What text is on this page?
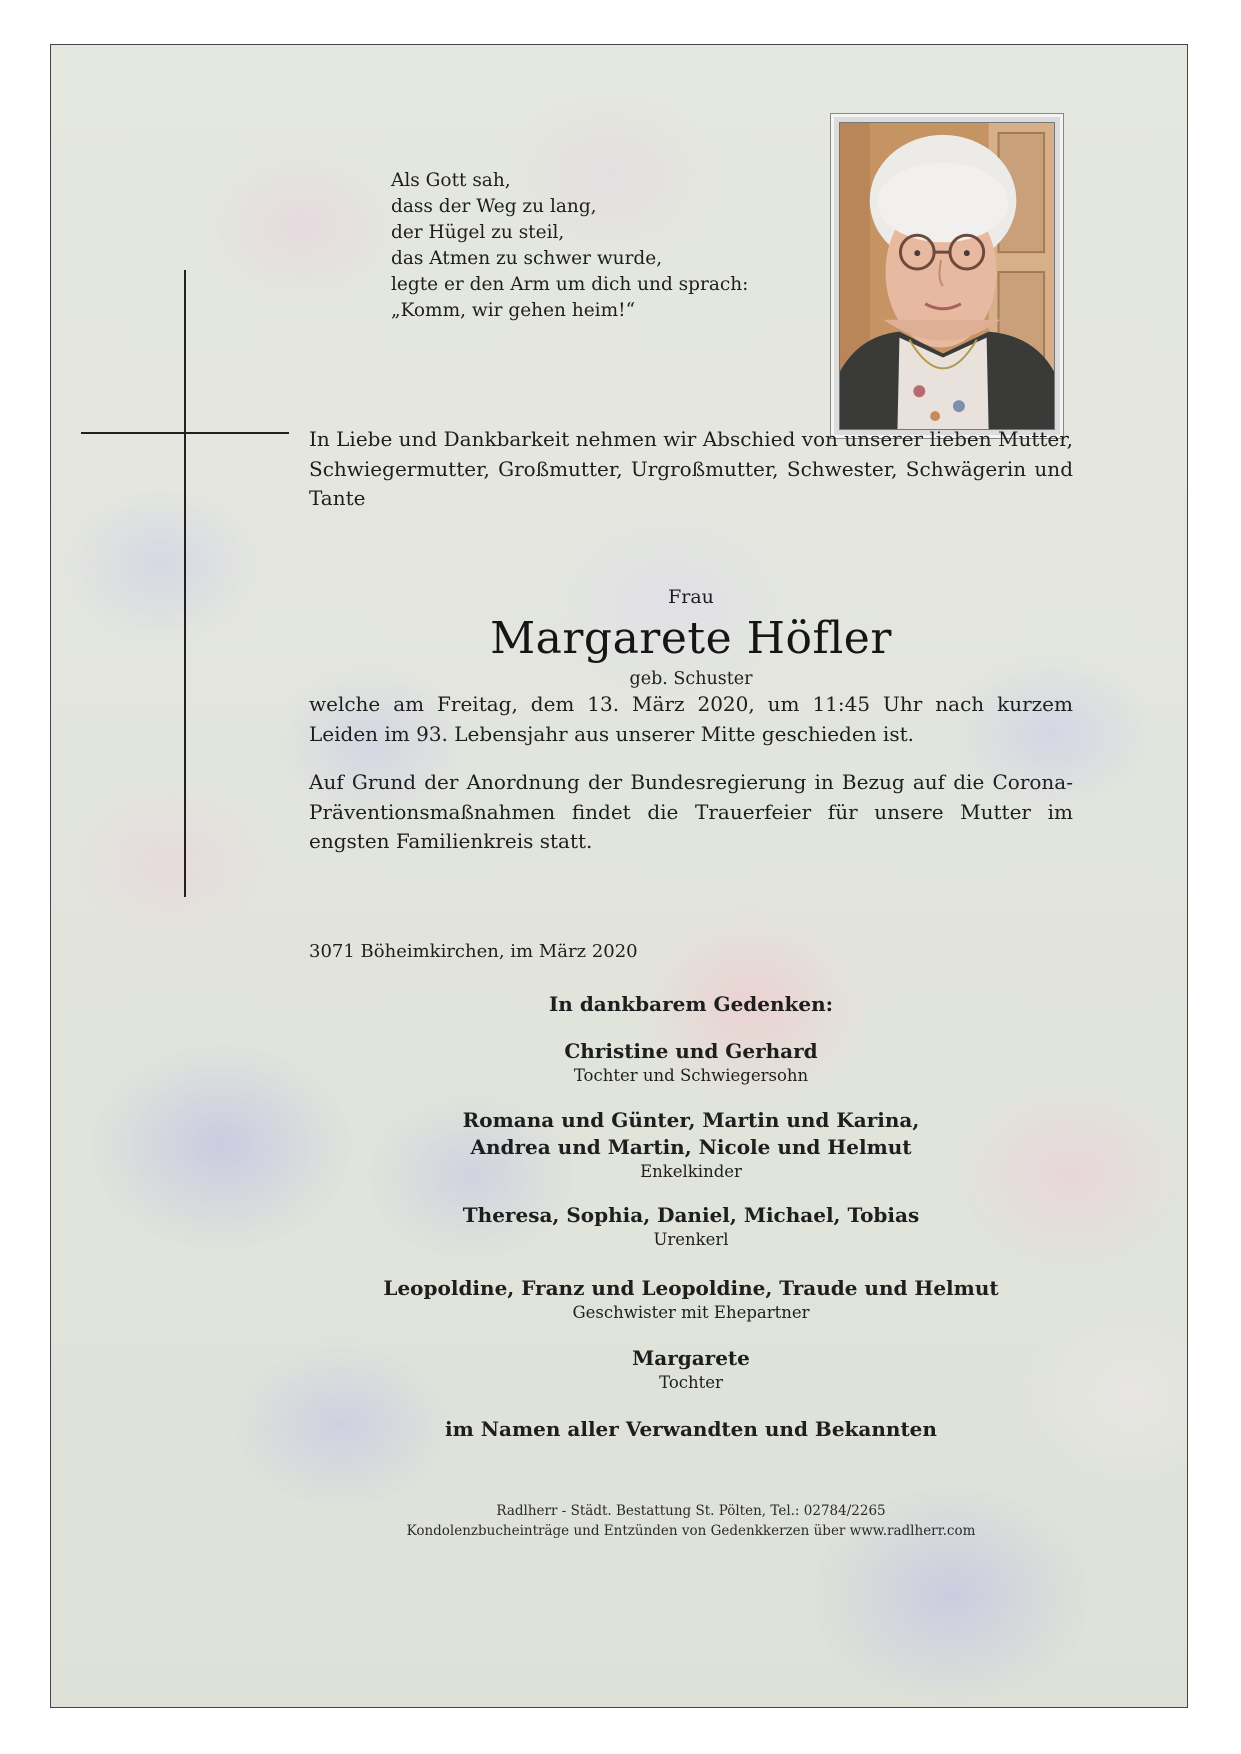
Als Gott sah,
dass der Weg zu lang,
der Hügel zu steil,
das Atmen zu schwer wurde,
legte er den Arm um dich und sprach:
„Komm, wir gehen heim!“
In Liebe und Dankbarkeit nehmen wir Abschied von unserer lieben Mutter, Schwiegermutter, Großmutter, Urgroßmutter, Schwester, Schwägerin und Tante
Frau
Margarete Höfler
geb. Schuster
welche am Freitag, dem 13. März 2020, um 11:45 Uhr nach kurzem Leiden im 93. Lebensjahr aus unserer Mitte geschieden ist.
Auf Grund der Anordnung der Bundesregierung in Bezug auf die Corona-Präventionsmaßnahmen findet die Trauerfeier für unsere Mutter im engsten Familienkreis statt.
3071 Böheimkirchen, im März 2020
In dankbarem Gedenken:
Christine und Gerhard
Tochter und Schwiegersohn
Romana und Günter, Martin und Karina,
Andrea und Martin, Nicole und Helmut
Enkelkinder
Theresa, Sophia, Daniel, Michael, Tobias
Urenkerl
Leopoldine, Franz und Leopoldine, Traude und Helmut
Geschwister mit Ehepartner
Margarete
Tochter
im Namen aller Verwandten und Bekannten
Radlherr - Städt. Bestattung St. Pölten, Tel.: 02784/2265
Kondolenzbucheinträge und Entzünden von Gedenkkerzen über www.radlherr.com
